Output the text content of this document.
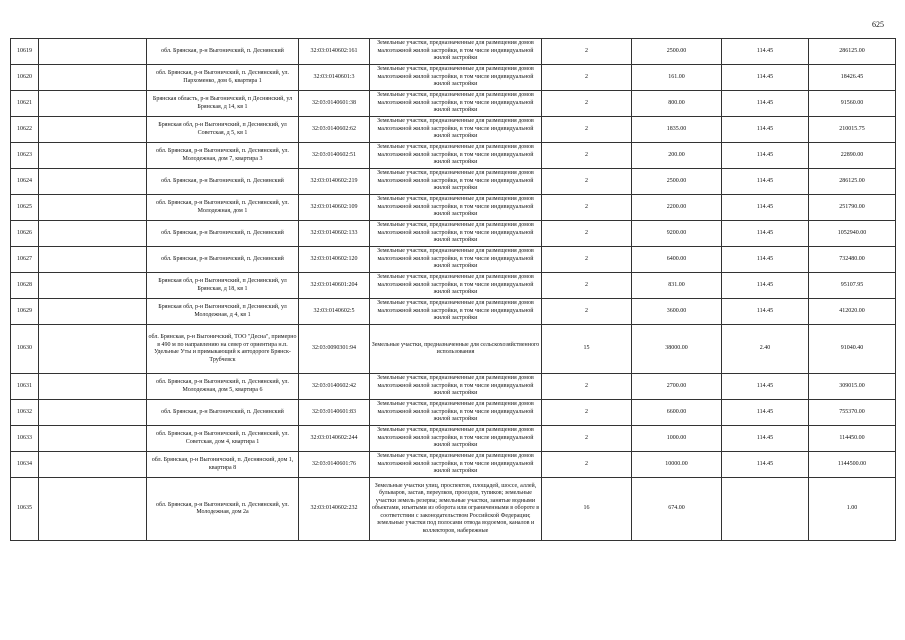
625
10619		обл. Брянская, р-н Выгоничский, п. Деснянский	32:03:0140602:161	Земельные участки, предназначенные для размещения домов малоэтажной жилой застройки, в том числе индивидуальной жилой застройки	2	2500.00	114.45	286125.00
10620		обл. Брянская, р-н Выгоничский, п. Деснянский, ул. Пархоменко, дом 6, квартира 1	32:03:0140601:3	Земельные участки, предназначенные для размещения домов малоэтажной жилой застройки, в том числе индивидуальной жилой застройки	2	161.00	114.45	18426.45
10621		Брянская область, р-н Выгоничский, п Деснянский, ул Брянская, д 14, кв 1	32:03:0140601:38	Земельные участки, предназначенные для размещения домов малоэтажной жилой застройки, в том числе индивидуальной жилой застройки	2	800.00	114.45	91560.00
10622		Брянская обл, р-н Выгоничский, п Деснянский, ул Советская, д 5, кв 1	32:03:0140602:62	Земельные участки, предназначенные для размещения домов малоэтажной жилой застройки, в том числе индивидуальной жилой застройки	2	1835.00	114.45	210015.75
10623		обл. Брянская, р-н Выгоничский, п. Деснянский, ул. Молодежная, дом 7, квартира 3	32:03:0140602:51	Земельные участки, предназначенные для размещения домов малоэтажной жилой застройки, в том числе индивидуальной жилой застройки	2	200.00	114.45	22890.00
10624		обл. Брянская, р-н Выгоничский, п. Деснянский	32:03:0140602:219	Земельные участки, предназначенные для размещения домов малоэтажной жилой застройки, в том числе индивидуальной жилой застройки	2	2500.00	114.45	286125.00
10625		обл. Брянская, р-н Выгоничский, п. Деснянский, ул. Молодежная, дом 1	32:03:0140602:109	Земельные участки, предназначенные для размещения домов малоэтажной жилой застройки, в том числе индивидуальной жилой застройки	2	2200.00	114.45	251790.00
10626		обл. Брянская, р-н Выгоничский, п. Деснянский	32:03:0140602:133	Земельные участки, предназначенные для размещения домов малоэтажной жилой застройки, в том числе индивидуальной жилой застройки	2	9200.00	114.45	1052940.00
10627		обл. Брянская, р-н Выгоничский, п. Деснянский	32:03:0140602:120	Земельные участки, предназначенные для размещения домов малоэтажной жилой застройки, в том числе индивидуальной жилой застройки	2	6400.00	114.45	732480.00
10628		Брянская обл, р-н Выгоничский, п Деснянский, ул Брянская, д 18, кв 1	32:03:0140601:204	Земельные участки, предназначенные для размещения домов малоэтажной жилой застройки, в том числе индивидуальной жилой застройки	2	831.00	114.45	95107.95
10629		Брянская обл, р-н Выгоничский, п Деснянский, ул Молодежная, д 4, кв 1	32:03:0140602:5	Земельные участки, предназначенные для размещения домов малоэтажной жилой застройки, в том числе индивидуальной жилой застройки	2	3600.00	114.45	412020.00
10630		обл. Брянская, р-н Выгоничский, ТОО "Десна", примерно в 490 м по направлению на север от ориентира н.п. Удельные Уты и примыкающий к автодороге Брянск-Трубчевск	32:03:0090301:94	Земельные участки, предназначенные для сельскохозяйственного использования	15	38000.00	2.40	91040.40
10631		обл. Брянская, р-н Выгоничский, п. Деснянский, ул. Молодежная, дом 5, квартира 6	32:03:0140602:42	Земельные участки, предназначенные для размещения домов малоэтажной жилой застройки, в том числе индивидуальной жилой застройки	2	2700.00	114.45	309015.00
10632		обл. Брянская, р-н Выгоничский, п. Деснянский	32:03:0140601:83	Земельные участки, предназначенные для размещения домов малоэтажной жилой застройки, в том числе индивидуальной жилой застройки	2	6600.00	114.45	755370.00
10633		обл. Брянская, р-н Выгоничский, п. Деснянский, ул. Советская, дом 4, квартира 1	32:03:0140602:244	Земельные участки, предназначенные для размещения домов малоэтажной жилой застройки, в том числе индивидуальной жилой застройки	2	1000.00	114.45	114450.00
10634		обл. Брянская, р-н Выгоничский, п. Деснянский, дом 1, квартира 8	32:03:0140601:76	Земельные участки, предназначенные для размещения домов малоэтажной жилой застройки, в том числе индивидуальной жилой застройки	2	10000.00	114.45	1144500.00
10635		обл. Брянская, р-н Выгоничский, п. Деснянский, ул. Молодежная, дом 2а	32:03:0140602:232	Земельные участки улиц, проспектов, площадей, шоссе, аллей, бульваров, застав, переулков, проездов, тупиков; земельные участки земель резерва; земельные участки, занятые водными объектами, изъятыми из оборота или ограниченными в обороте в соответствии с законодательством Российской Федерации; земельные участки под полосами отвода водоемов, каналов и коллекторов, набережные	16	674.00		1.00
